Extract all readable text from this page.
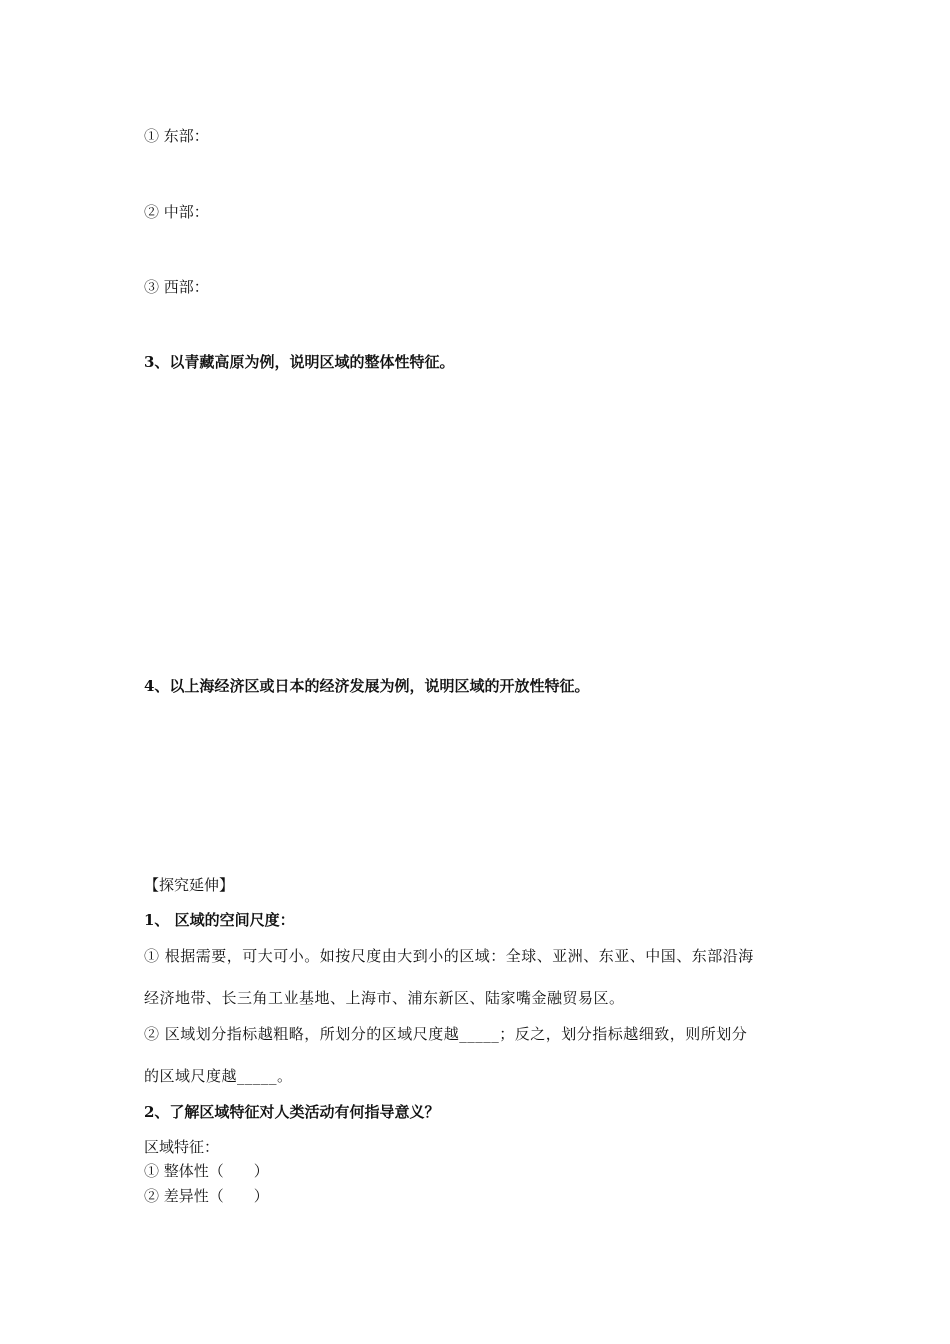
① 东部：
② 中部：
③ 西部：
3、以青藏高原为例，说明区域的整体性特征。
4、以上海经济区或日本的经济发展为例，说明区域的开放性特征。
【探究延伸】
1、 区域的空间尺度：
① 根据需要，可大可小。如按尺度由大到小的区域：全球、亚洲、东亚、中国、东部沿海
经济地带、长三角工业基地、上海市、浦东新区、陆家嘴金融贸易区。
② 区域划分指标越粗略，所划分的区域尺度越_____；反之，划分指标越细致，则所划分
的区域尺度越_____。
2、了解区域特征对人类活动有何指导意义？
区域特征：
① 整体性（　　）
② 差异性（　　）
